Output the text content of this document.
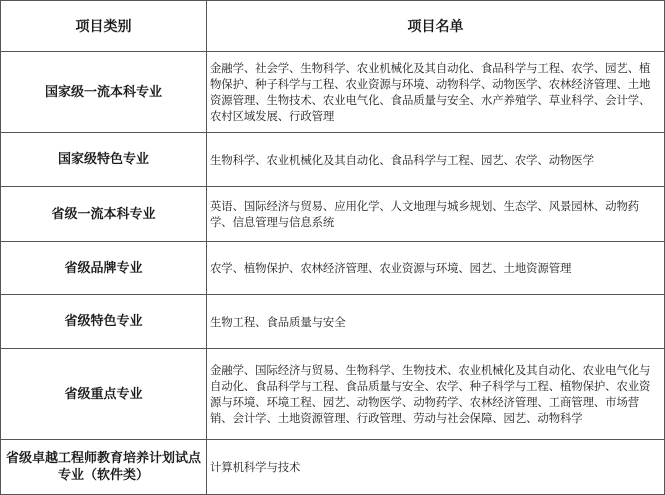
项目类别	项目名单
国家级一流本科专业	金融学、社会学、生物科学、农业机械化及其自动化、食品科学与工程、农学、园艺、植物保护、种子科学与工程、农业资源与环境、动物科学、动物医学、农林经济管理、土地资源管理、生物技术、农业电气化、食品质量与安全、水产养殖学、草业科学、会计学、农村区域发展、行政管理
国家级特色专业	生物科学、农业机械化及其自动化、食品科学与工程、园艺、农学、动物医学
省级一流本科专业	英语、国际经济与贸易、应用化学、人文地理与城乡规划、生态学、风景园林、动物药学、信息管理与信息系统
省级品牌专业	农学、植物保护、农林经济管理、农业资源与环境、园艺、土地资源管理
省级特色专业	生物工程、食品质量与安全
省级重点专业	金融学、国际经济与贸易、生物科学、生物技术、农业机械化及其自动化、农业电气化与自动化、食品科学与工程、食品质量与安全、农学、种子科学与工程、植物保护、农业资源与环境、环境工程、园艺、动物医学、动物药学、农林经济管理、工商管理、市场营销、会计学、土地资源管理、行政管理、劳动与社会保障、园艺、动物科学
省级卓越工程师教育培养计划试点专业（软件类）	计算机科学与技术
